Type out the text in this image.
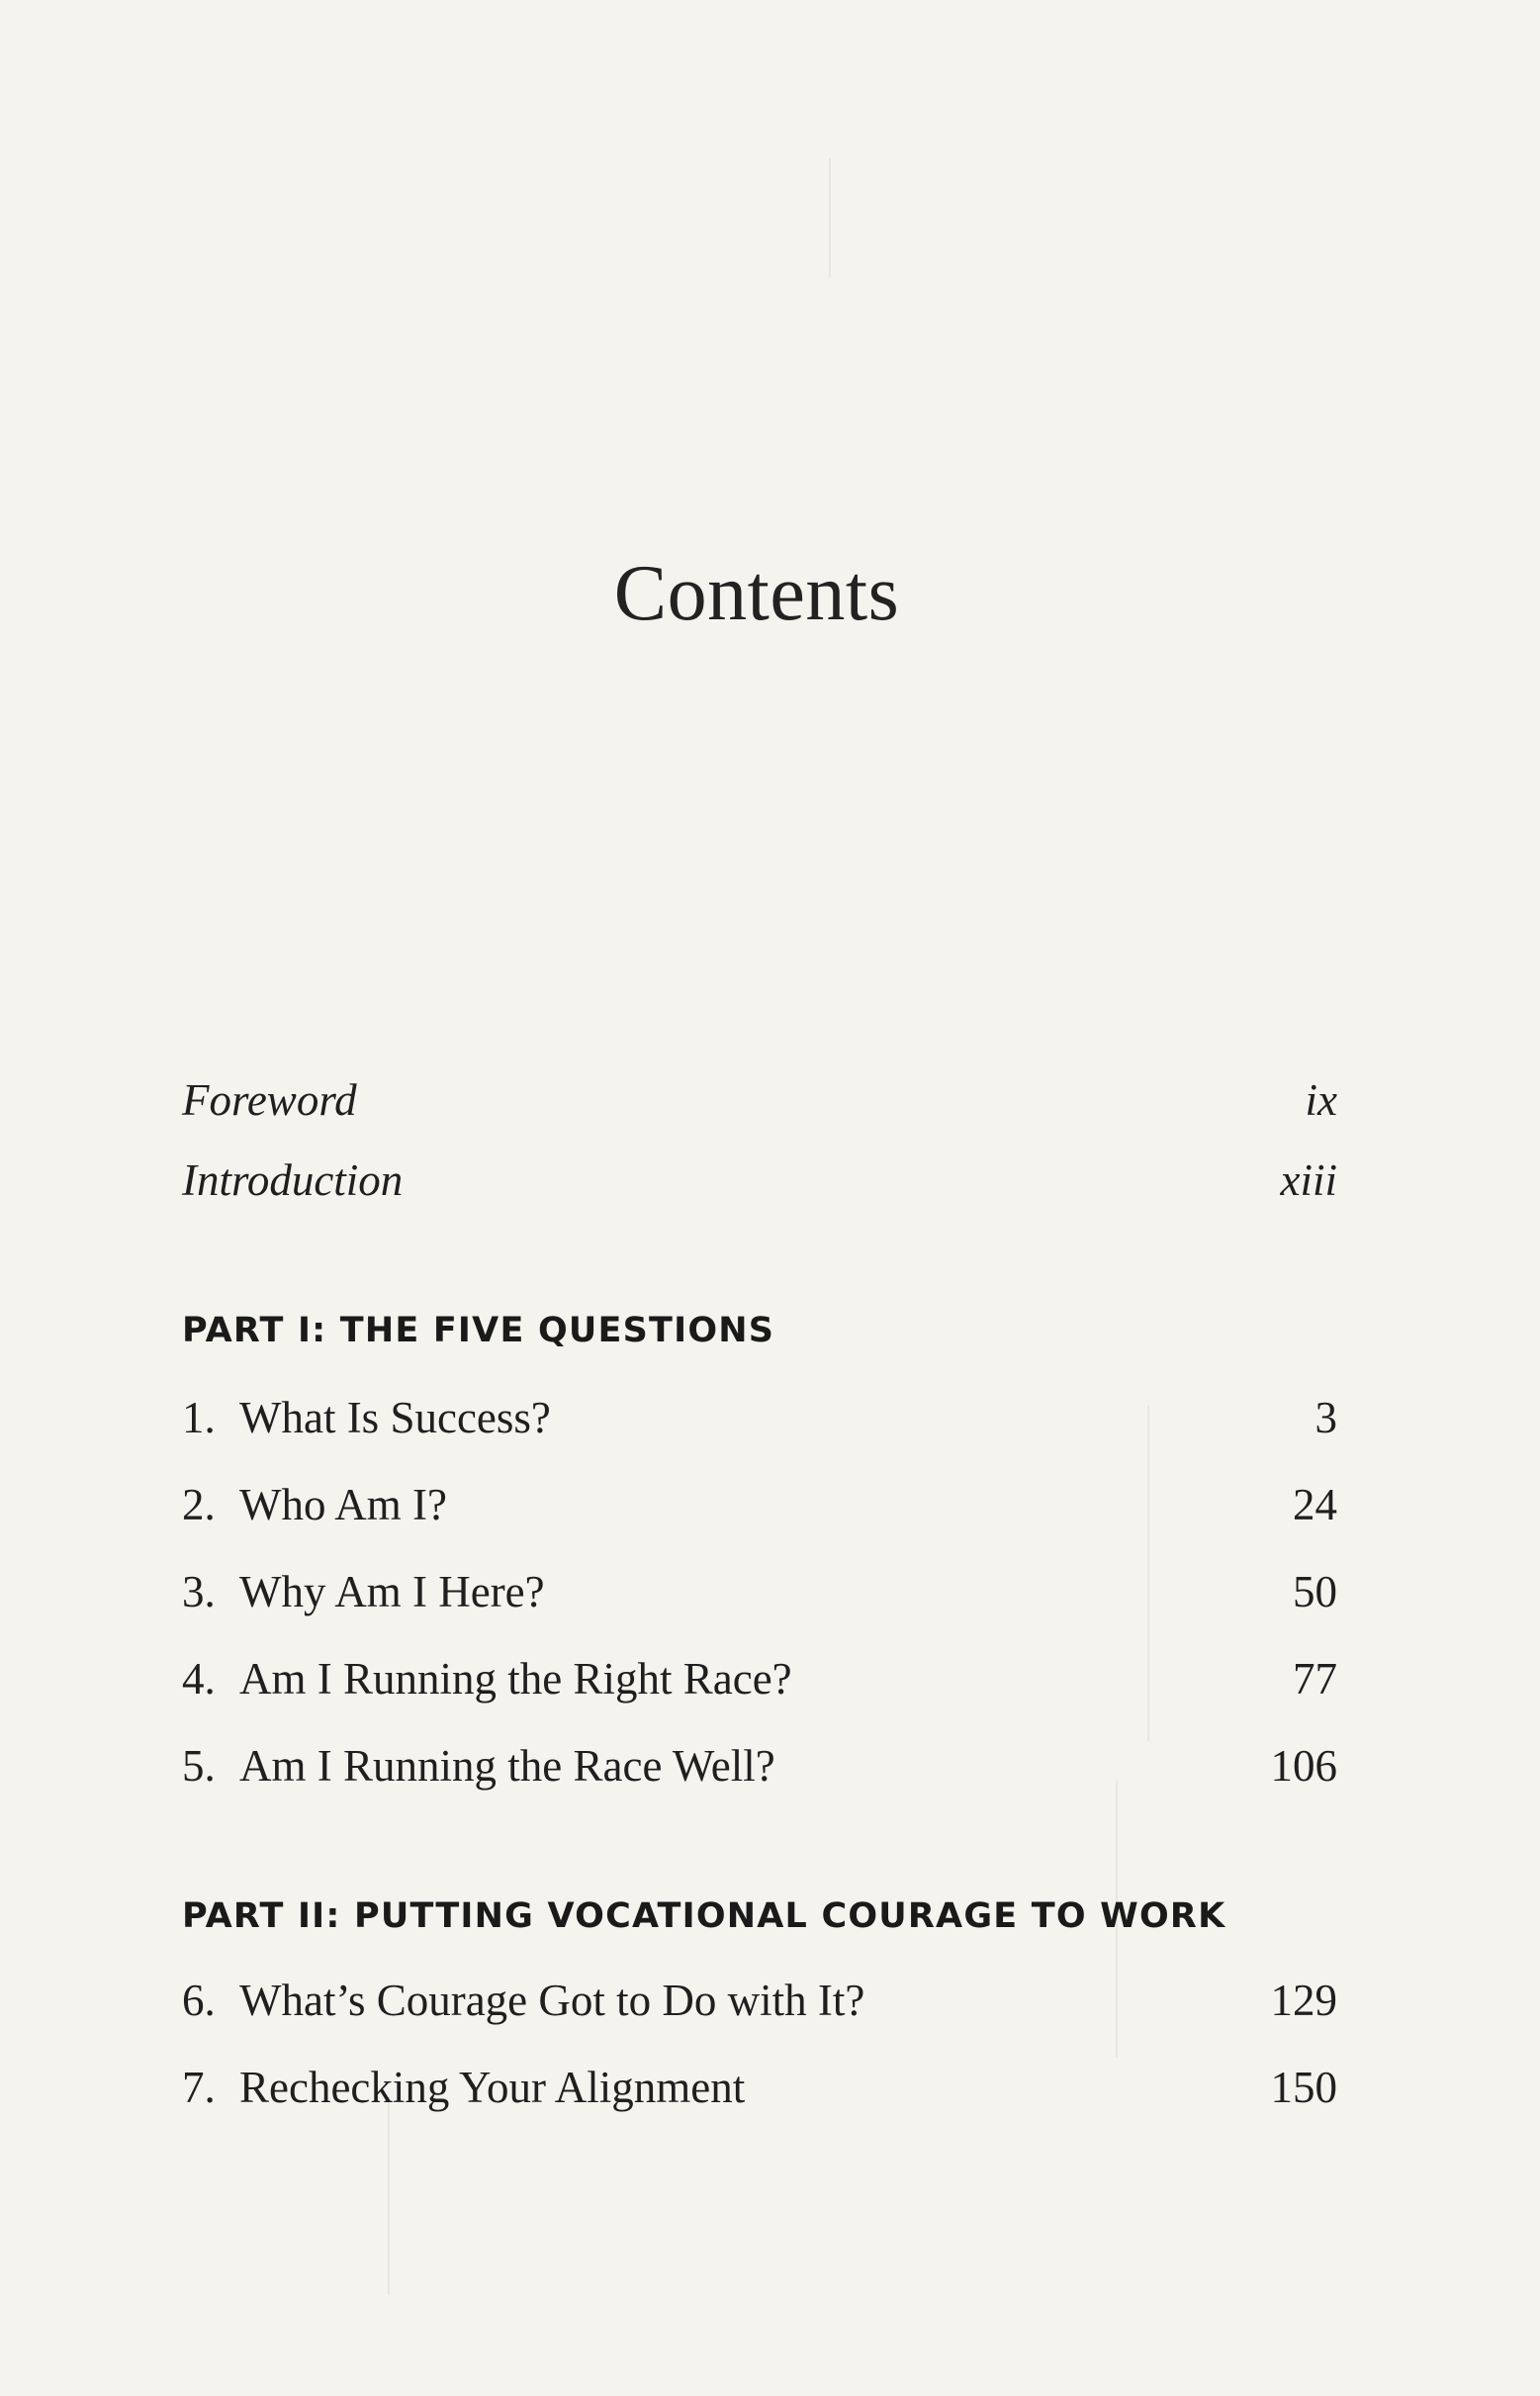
Contents
Foreword	ix
Introduction	xiii
PART I: THE FIVE QUESTIONS
1. What Is Success?	3
2. Who Am I?	24
3. Why Am I Here?	50
4. Am I Running the Right Race?	77
5. Am I Running the Race Well?	106
PART II: PUTTING VOCATIONAL COURAGE TO WORK
6. What’s Courage Got to Do with It?	129
7. Rechecking Your Alignment	150
